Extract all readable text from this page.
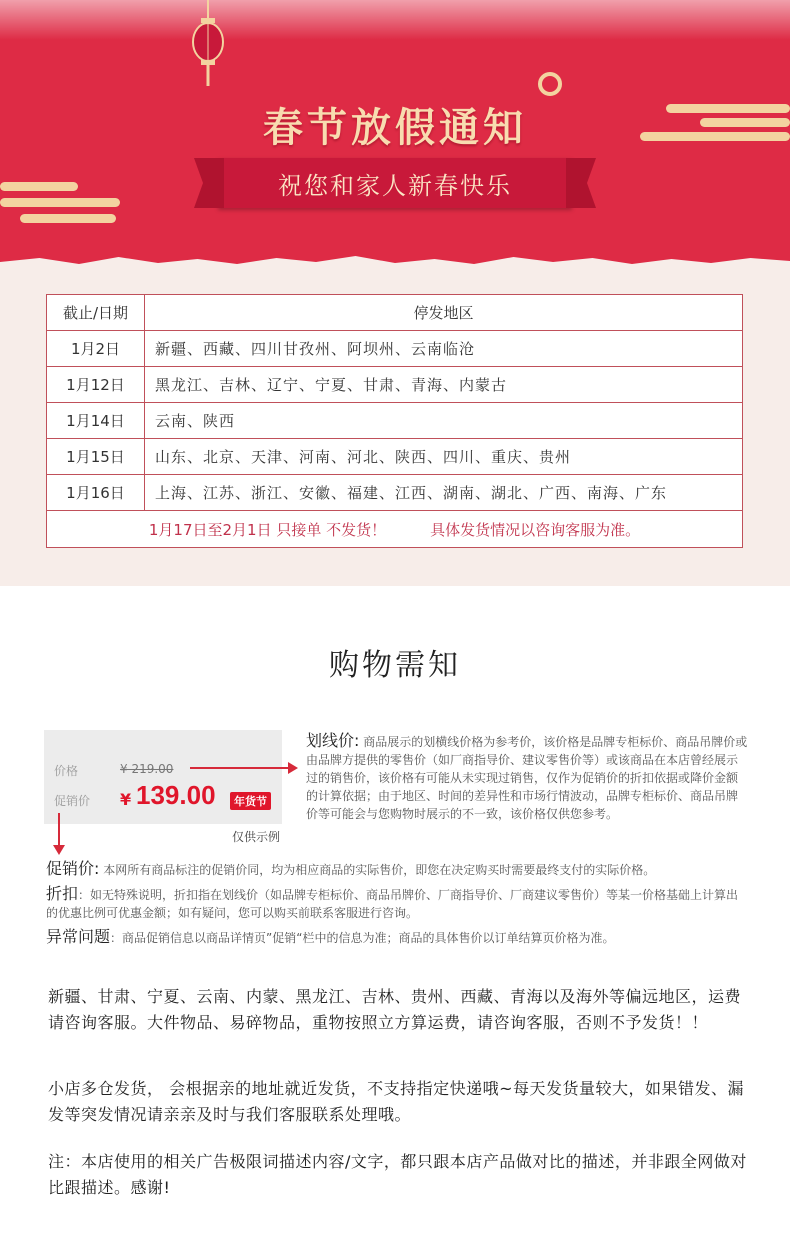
春节放假通知
祝您和家人新春快乐
截止/日期	停发地区
1月2日	新疆、西藏、四川甘孜州、阿坝州、云南临沧
1月12日	黑龙江、吉林、辽宁、宁夏、甘肃、青海、内蒙古
1月14日	云南、陕西
1月15日	山东、北京、天津、河南、河北、陕西、四川、重庆、贵州
1月16日	上海、江苏、浙江、安徽、福建、江西、湖南、湖北、广西、南海、广东
1月17日至2月1日 只接单 不发货！ 具体发货情况以咨询客服为准。	
购物需知
价格
促销价
¥ 219.00
¥ 139.00	年货节
仅供示例
划线价: 商品展示的划横线价格为参考价，该价格是品牌专柜标价、商品吊牌价或由品牌方提供的零售价（如厂商指导价、建议零售价等）或该商品在本店曾经展示过的销售价，该价格有可能从未实现过销售，仅作为促销价的折扣依据或降价金额的计算依据；由于地区、时间的差异性和市场行情波动，品牌专柜标价、商品吊牌价等可能会与您购物时展示的不一致，该价格仅供您参考。
促销价: 本网所有商品标注的促销价同，均为相应商品的实际售价，即您在决定购买时需要最终支付的实际价格。
折扣：如无特殊说明，折扣指在划线价（如品牌专柜标价、商品吊牌价、厂商指导价、厂商建议零售价）等某一价格基础上计算出的优惠比例可优惠金额；如有疑问，您可以购买前联系客服进行咨询。
异常问题：商品促销信息以商品详情页”促销“栏中的信息为准；商品的具体售价以订单结算页价格为准。
新疆、甘肃、宁夏、云南、内蒙、黑龙江、吉林、贵州、西藏、青海以及海外等偏远地区，运费请咨询客服。大件物品、易碎物品，重物按照立方算运费，请咨询客服，否则不予发货！！
小店多仓发货， 会根据亲的地址就近发货，不支持指定快递哦~每天发货量较大，如果错发、漏发等突发情况请亲亲及时与我们客服联系处理哦。
注：本店使用的相关广告极限词描述内容/文字，都只跟本店产品做对比的描述，并非跟全网做对比跟描述。感谢!
